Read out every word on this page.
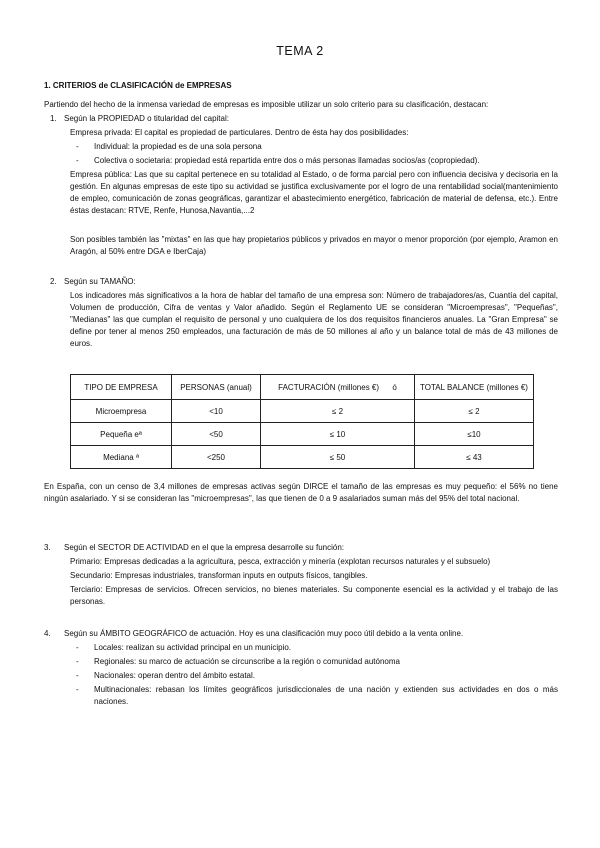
TEMA 2
1. CRITERIOS de CLASIFICACIÓN de EMPRESAS
Partiendo del hecho de la inmensa variedad de empresas es imposible utilizar un solo criterio para su clasificación, destacan:
1. Según la PROPIEDAD o titularidad del capital:
Empresa privada: El capital es propiedad de particulares. Dentro de ésta hay dos posibilidades:
- Individual: la propiedad es de una sola persona
- Colectiva o societaria: propiedad está repartida entre dos o más personas llamadas socios/as (copropiedad).
Empresa pública: Las que su capital pertenece en su totalidad al Estado, o de forma parcial pero con influencia decisiva y decisoria en la gestión. En algunas empresas de este tipo su actividad se justifica exclusivamente por el logro de una rentabilidad social(mantenimiento de empleo, comunicación de zonas geográficas, garantizar el abastecimiento energético, fabricación de material de defensa, etc.). Entre éstas destacan: RTVE, Renfe, Hunosa,Navantia,...2
Son posibles también las "mixtas" en las que hay propietarios públicos y privados en mayor o menor proporción (por ejemplo, Aramon en Aragón, al 50% entre DGA e IberCaja)
2. Según su TAMAÑO:
Los indicadores más significativos a la hora de hablar del tamaño de una empresa son: Número de trabajadores/as, Cuantía del capital, Volumen de producción, Cifra de ventas y Valor añadido. Según el Reglamento UE se consideran "Microempresas", "Pequeñas", "Medianas" las que cumplan el requisito de personal y uno cualquiera de los dos requisitos financieros anuales. La "Gran Empresa" se define por tener al menos 250 empleados, una facturación de más de 50 millones al año y un balance total de más de 43 millones de euros.
TIPO DE EMPRESA	PERSONAS (anual)	FACTURACIÓN (millones €) ó	TOTAL BALANCE (millones €)
Microempresa	<10	≤ 2	≤ 2
Pequeña eª	<50	≤ 10	≤10
Mediana ª	<250	≤ 50	≤ 43
En España, con un censo de 3,4 millones de empresas activas según DIRCE el tamaño de las empresas es muy pequeño: el 56% no tiene ningún asalariado. Y si se consideran las "microempresas", las que tienen de 0 a 9 asalariados suman más del 95% del total nacional.
3. Según el SECTOR DE ACTIVIDAD en el que la empresa desarrolle su función:
Primario: Empresas dedicadas a la agricultura, pesca, extracción y minería (explotan recursos naturales y el subsuelo)
Secundario: Empresas industriales, transforman inputs en outputs físicos, tangibles.
Terciario: Empresas de servicios. Ofrecen servicios, no bienes materiales. Su componente esencial es la actividad y el trabajo de las personas.
4. Según su ÁMBITO GEOGRÁFICO de actuación. Hoy es una clasificación muy poco útil debido a la venta online.
- Locales: realizan su actividad principal en un municipio.
- Regionales: su marco de actuación se circunscribe a la región o comunidad autónoma
- Nacionales: operan dentro del ámbito estatal.
- Multinacionales: rebasan los límites geográficos jurisdiccionales de una nación y extienden sus actividades en dos o más naciones.
